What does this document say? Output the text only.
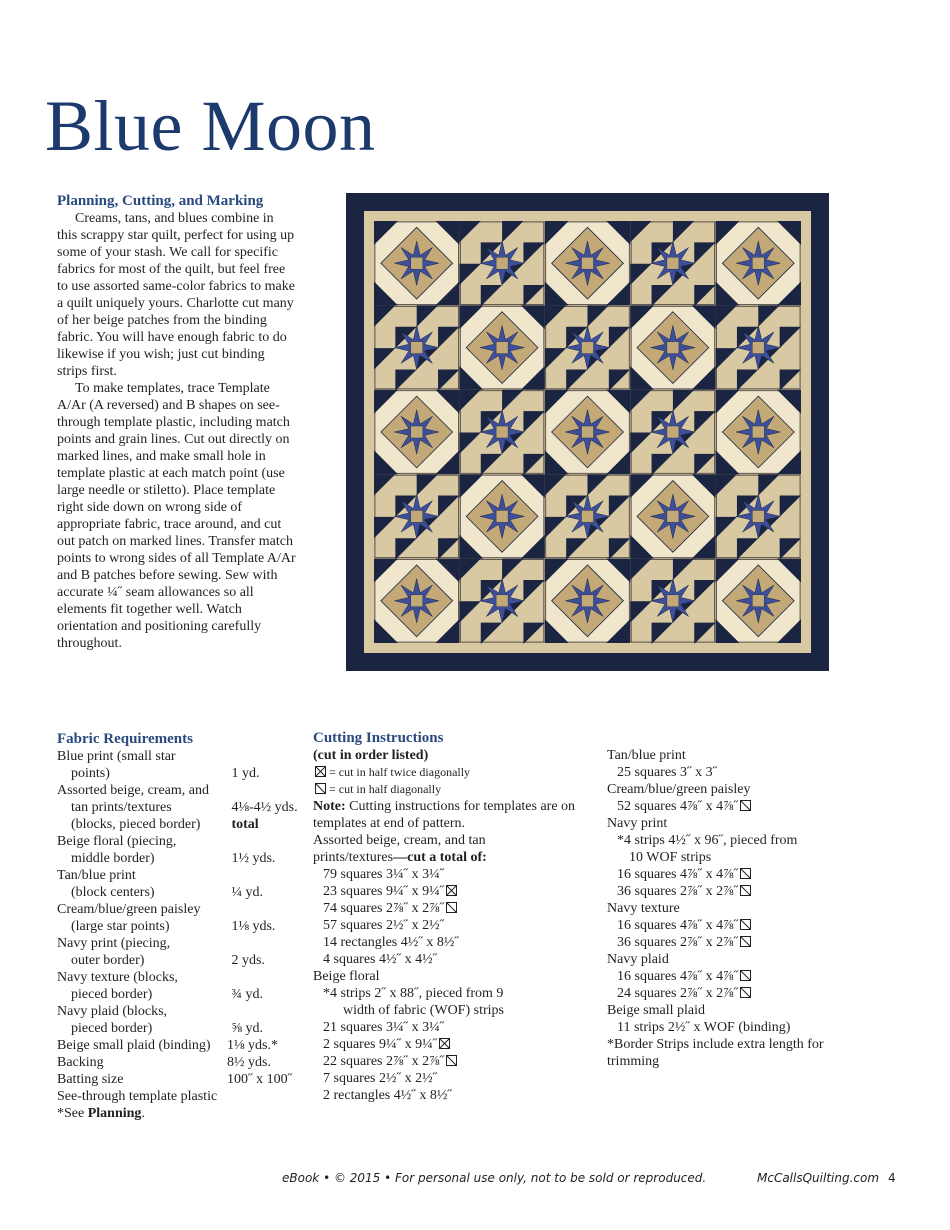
Blue Moon
Planning, Cutting, and Marking

Creams, tans, and blues combine in this scrappy star quilt, perfect for using up some of your stash. We call for specific fabrics for most of the quilt, but feel free to use assorted same-color fabrics to make a quilt uniquely yours. Charlotte cut many of her beige patches from the binding fabric. You will have enough fabric to do likewise if you wish; just cut binding strips first.

To make templates, trace Template A/Ar (A reversed) and B shapes on see-through template plastic, including match points and grain lines. Cut out directly on marked lines, and make small hole in template plastic at each match point (use large needle or stiletto). Place template right side down on wrong side of appropriate fabric, trace around, and cut out patch on marked lines. Transfer match points to wrong sides of all Template A/Ar and B patches before sewing. Sew with accurate ¼˝ seam allowances so all elements fit together well. Watch orientation and positioning carefully throughout.

Fabric Requirements
Blue print (small star
points)	1 yd.
Assorted beige, cream, and
tan prints/textures	4⅛-4½ yds.
(blocks, pieced border)	total
Beige floral (piecing,
middle border)	1½ yds.
Tan/blue print
(block centers)	¼ yd.
Cream/blue/green paisley
(large star points)	1⅛ yds.
Navy print (piecing,
outer border)	2 yds.
Navy texture (blocks,
pieced border)	¾ yd.
Navy plaid (blocks,
pieced border)	⅝ yd.
Beige small plaid (binding)	1⅛ yds.*
Backing	8½ yds.
Batting size	100˝ x 100˝
See-through template plastic
*See Planning.
Cutting Instructions
(cut in order listed)
= cut in half twice diagonally
= cut in half diagonally
Note: Cutting instructions for templates are on templates at end of pattern.
Assorted beige, cream, and tan
prints/textures—cut a total of:
79 squares 3¼˝ x 3¼˝
23 squares 9¼˝ x 9¼˝
74 squares 2⅞˝ x 2⅞˝
57 squares 2½˝ x 2½˝
14 rectangles 4½˝ x 8½˝
4 squares 4½˝ x 4½˝
Beige floral
*4 strips 2˝ x 88˝, pieced from 9
width of fabric (WOF) strips
21 squares 3¼˝ x 3¼˝
2 squares 9¼˝ x 9¼˝
22 squares 2⅞˝ x 2⅞˝
7 squares 2½˝ x 2½˝
2 rectangles 4½˝ x 8½˝
Tan/blue print
25 squares 3˝ x 3˝
Cream/blue/green paisley
52 squares 4⅞˝ x 4⅞˝
Navy print
*4 strips 4½˝ x 96˝, pieced from
10 WOF strips
16 squares 4⅞˝ x 4⅞˝
36 squares 2⅞˝ x 2⅞˝
Navy texture
16 squares 4⅞˝ x 4⅞˝
36 squares 2⅞˝ x 2⅞˝
Navy plaid
16 squares 4⅞˝ x 4⅞˝
24 squares 2⅞˝ x 2⅞˝
Beige small plaid
11 strips 2½˝ x WOF (binding)
*Border Strips include extra length for trimming
eBook • © 2015 • For personal use only, not to be sold or reproduced.	McCallsQuilting.com 4
